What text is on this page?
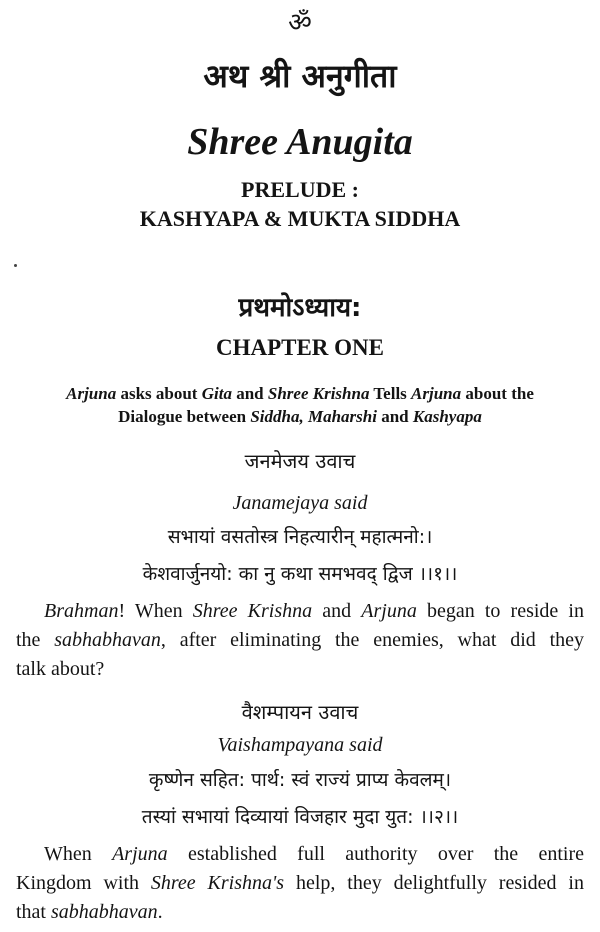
ॐ
अथ श्री अनुगीता
Shree Anugita
PRELUDE :
KASHYAPA & MUKTA SIDDHA
प्रथमोऽध्याय:
CHAPTER ONE
Arjuna asks about Gita and Shree Krishna Tells Arjuna about the
Dialogue between Siddha, Maharshi and Kashyapa
जनमेजय उवाच
Janamejaya said
सभायां वसतोस्त्र निहत्यारीन् महात्मनो:।
केशवार्जुनयो: का नु कथा समभवद् द्विज ।।१।।
Brahman! When Shree Krishna and Arjuna began to reside in
the sabhabhavan, after eliminating the enemies, what did they
talk about?
वैशम्पायन उवाच
Vaishampayana said
कृष्णेन सहित: पार्थ: स्वं राज्यं प्राप्य केवलम्।
तस्यां सभायां दिव्यायां विजहार मुदा युत: ।।२।।
When Arjuna established full authority over the entire
Kingdom with Shree Krishna's help, they delightfully resided in
that sabhabhavan.
